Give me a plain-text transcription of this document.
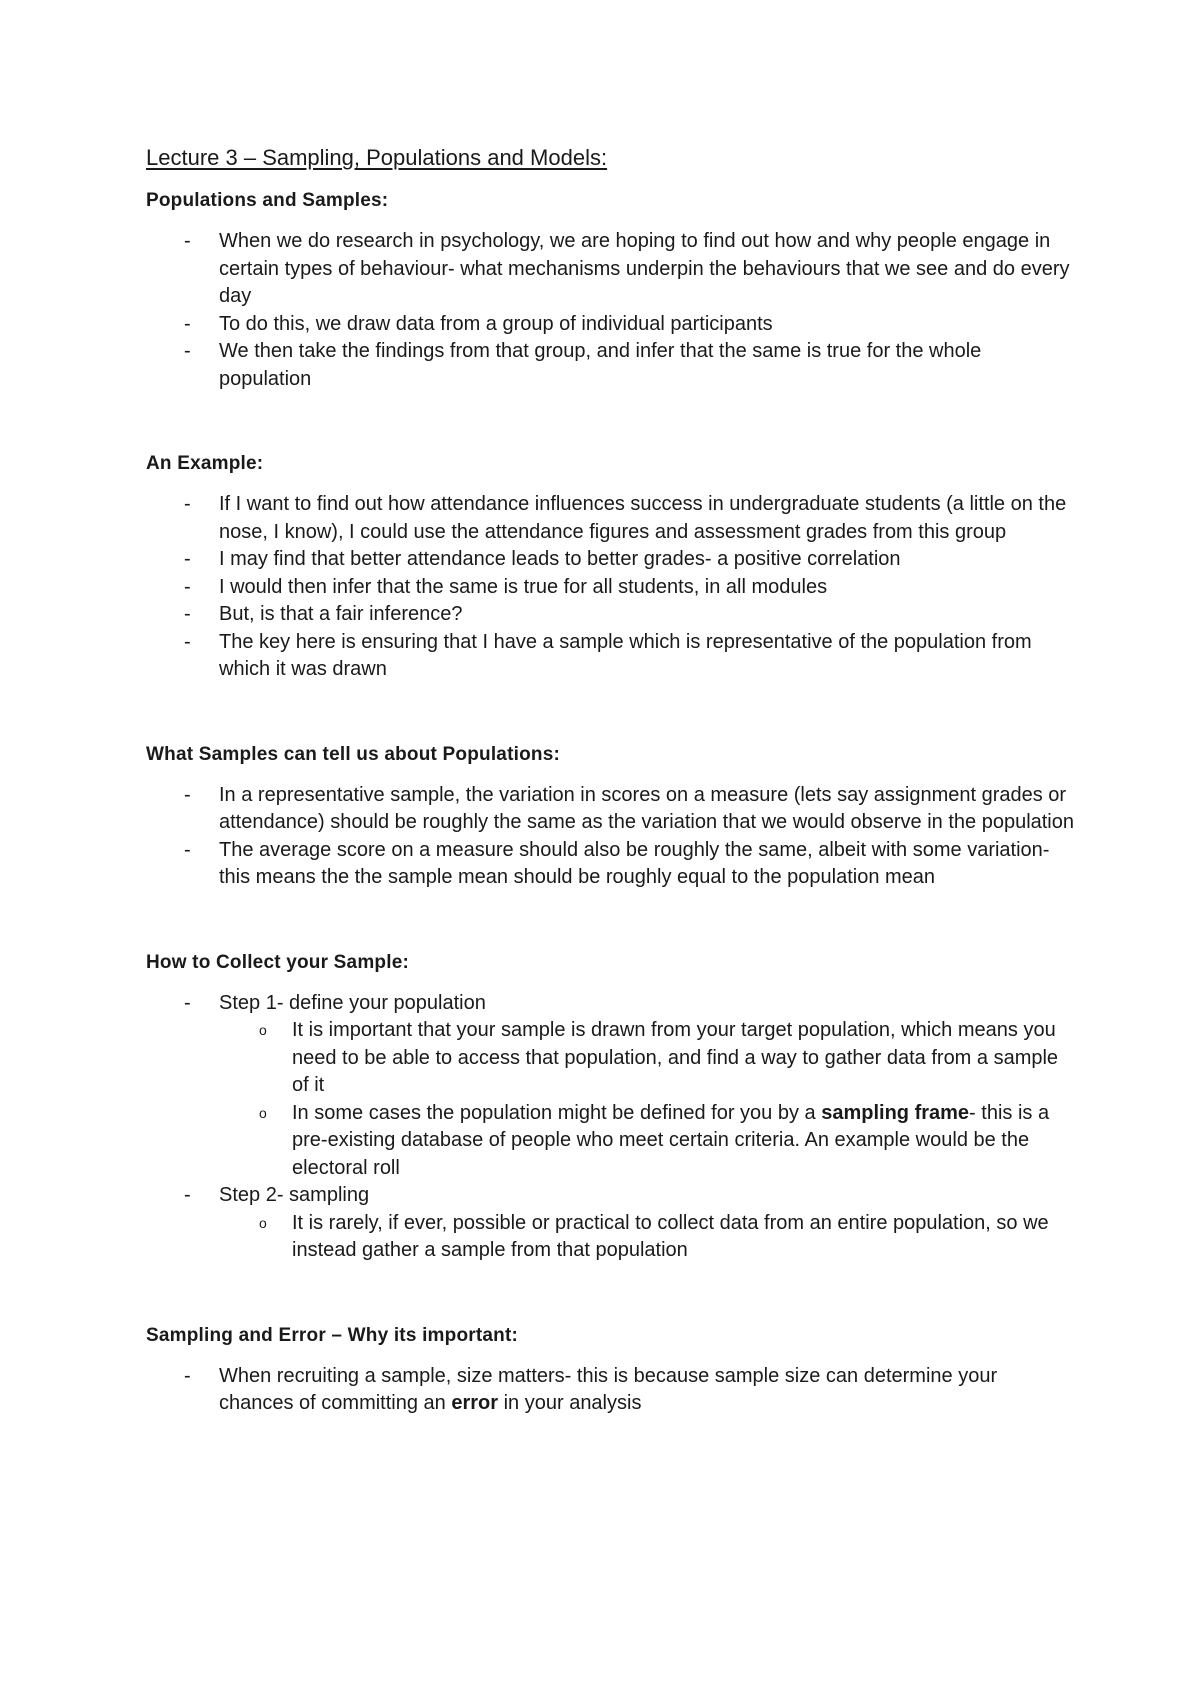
Lecture 3 – Sampling, Populations and Models:
Populations and Samples:
- When we do research in psychology, we are hoping to find out how and why people engage in certain types of behaviour- what mechanisms underpin the behaviours that we see and do every day
- To do this, we draw data from a group of individual participants
- We then take the findings from that group, and infer that the same is true for the whole population
An Example:
- If I want to find out how attendance influences success in undergraduate students (a little on the nose, I know), I could use the attendance figures and assessment grades from this group
- I may find that better attendance leads to better grades- a positive correlation
- I would then infer that the same is true for all students, in all modules
- But, is that a fair inference?
- The key here is ensuring that I have a sample which is representative of the population from which it was drawn
What Samples can tell us about Populations:
- In a representative sample, the variation in scores on a measure (lets say assignment grades or attendance) should be roughly the same as the variation that we would observe in the population
- The average score on a measure should also be roughly the same, albeit with some variation- this means the the sample mean should be roughly equal to the population mean
How to Collect your Sample:
- Step 1- define your population
o It is important that your sample is drawn from your target population, which means you need to be able to access that population, and find a way to gather data from a sample of it
o In some cases the population might be defined for you by a sampling frame- this is a pre-existing database of people who meet certain criteria. An example would be the electoral roll
- Step 2- sampling
o It is rarely, if ever, possible or practical to collect data from an entire population, so we instead gather a sample from that population
Sampling and Error – Why its important:
- When recruiting a sample, size matters- this is because sample size can determine your chances of committing an error in your analysis
